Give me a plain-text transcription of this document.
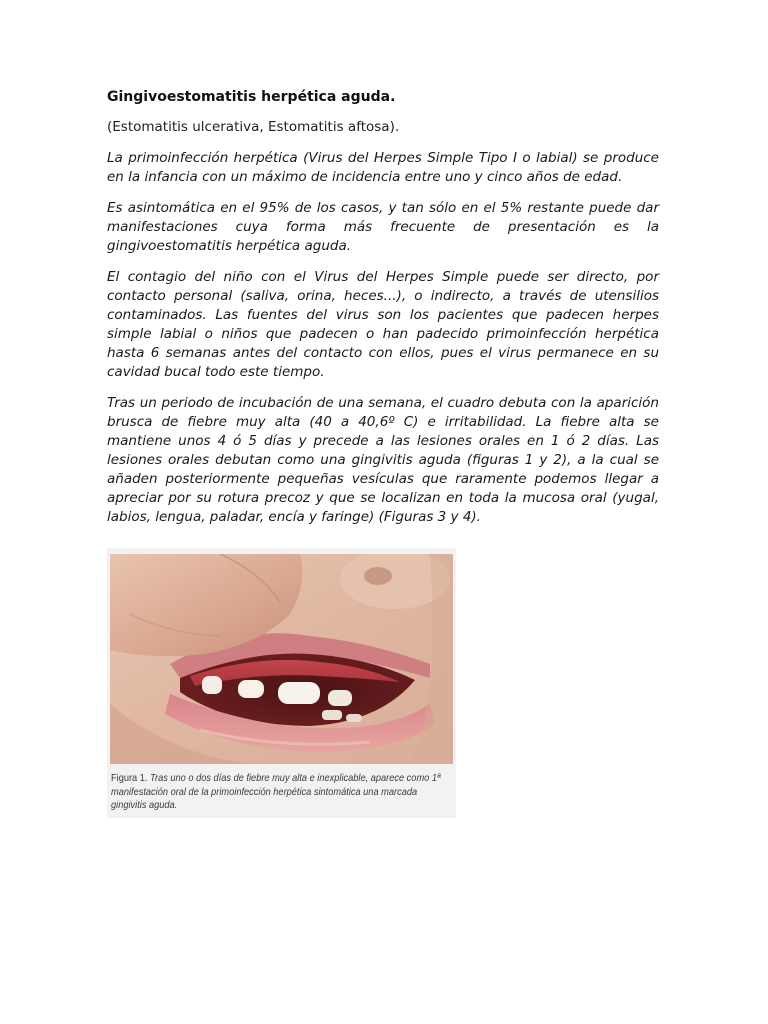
Gingivoestomatitis herpética aguda.

(Estomatitis ulcerativa, Estomatitis aftosa).

La primoinfección herpética (Virus del Herpes Simple Tipo I o labial) se produce en la infancia con un máximo de incidencia entre uno y cinco años de edad.

Es asintomática en el 95% de los casos, y tan sólo en el 5% restante puede dar manifestaciones cuya forma más frecuente de presentación es la gingivoestomatitis herpética aguda.

El contagio del niño con el Virus del Herpes Simple puede ser directo, por contacto personal (saliva, orina, heces...), o indirecto, a través de utensilios contaminados. Las fuentes del virus son los pacientes que padecen herpes simple labial o niños que padecen o han padecido primoinfección herpética hasta 6 semanas antes del contacto con ellos, pues el virus permanece en su cavidad bucal todo este tiempo.

Tras un periodo de incubación de una semana, el cuadro debuta con la aparición brusca de fiebre muy alta (40 a 40,6º C) e irritabilidad. La fiebre alta se mantiene unos 4 ó 5 días y precede a las lesiones orales en 1 ó 2 días. Las lesiones orales debutan como una gingivitis aguda (figuras 1 y 2), a la cual se añaden posteriormente pequeñas vesículas que raramente podemos llegar a apreciar por su rotura precoz y que se localizan en toda la mucosa oral (yugal, labios, lengua, paladar, encía y faringe) (Figuras 3 y 4).

Figura 1. Tras uno o dos días de fiebre muy alta e inexplicable, aparece como 1ª manifestación oral de la primoinfección herpética sintomática una marcada gingivitis aguda.
